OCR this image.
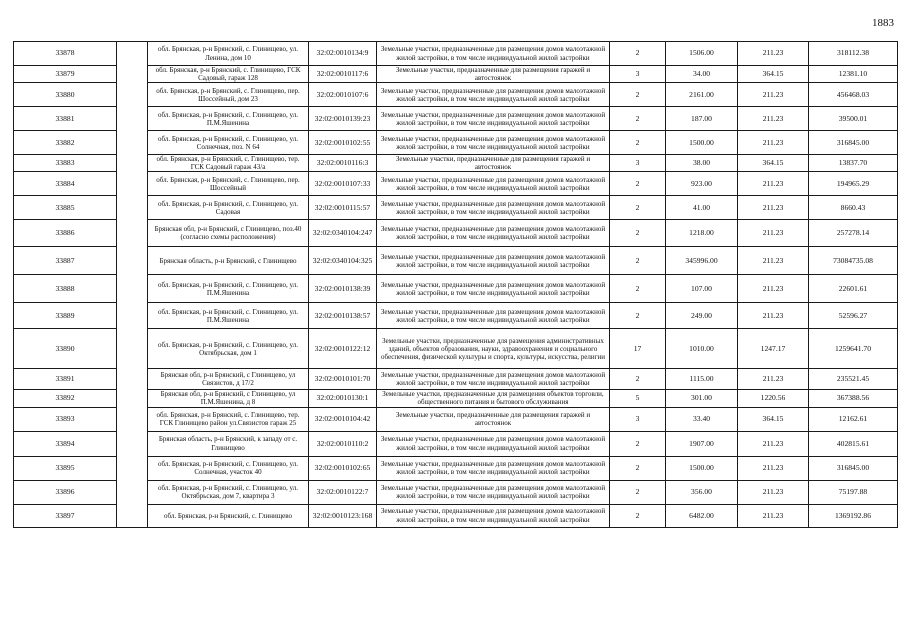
1883
33878		обл. Брянская, р-н Брянский, с. Глинищево, ул. Ленина, дом 10	32:02:0010134:9	Земельные участки, предназначенные для размещения домов малоэтажной жилой застройки, в том числе индивидуальной жилой застройки	2	1506.00	211.23	318112.38
33879		обл. Брянская, р-н Брянский, с. Глинищево, ГСК Садовый, гараж 128	32:02:0010117:6	Земельные участки, предназначенные для размещения гаражей и автостоянок	3	34.00	364.15	12381.10
33880		обл. Брянская, р-н Брянский, с. Глинищево, пер. Шоссейный, дом 23	32:02:0010107:6	Земельные участки, предназначенные для размещения домов малоэтажной жилой застройки, в том числе индивидуальной жилой застройки	2	2161.00	211.23	456468.03
33881		обл. Брянская, р-н Брянский, с. Глинищево, ул. П.М.Яшенина	32:02:0010139:23	Земельные участки, предназначенные для размещения домов малоэтажной жилой застройки, в том числе индивидуальной жилой застройки	2	187.00	211.23	39500.01
33882		обл. Брянская, р-н Брянский, с. Глинищево, ул. Солнечная, поз. N 64	32:02:0010102:55	Земельные участки, предназначенные для размещения домов малоэтажной жилой застройки, в том числе индивидуальной жилой застройки	2	1500.00	211.23	316845.00
33883		обл. Брянская, р-н Брянский, с. Глинищево, тер. ГСК Садовый гараж 43/а	32:02:0010116:3	Земельные участки, предназначенные для размещения гаражей и автостоянок	3	38.00	364.15	13837.70
33884		обл. Брянская, р-н Брянский, с. Глинищево, пер. Шоссейный	32:02:0010107:33	Земельные участки, предназначенные для размещения домов малоэтажной жилой застройки, в том числе индивидуальной жилой застройки	2	923.00	211.23	194965.29
33885		обл. Брянская, р-н Брянский, с. Глинищево, ул. Садовая	32:02:0010115:57	Земельные участки, предназначенные для размещения домов малоэтажной жилой застройки, в том числе индивидуальной жилой застройки	2	41.00	211.23	8660.43
33886		Брянская обл, р-н Брянский, с Глинищево, поз.40 (согласно схемы расположения)	32:02:0340104:247	Земельные участки, предназначенные для размещения домов малоэтажной жилой застройки, в том числе индивидуальной жилой застройки	2	1218.00	211.23	257278.14
33887		Брянская область, р-н Брянский, с Глинищево	32:02:0340104:325	Земельные участки, предназначенные для размещения домов малоэтажной жилой застройки, в том числе индивидуальной жилой застройки	2	345996.00	211.23	73084735.08
33888		обл. Брянская, р-н Брянский, с. Глинищево, ул. П.М.Яшенина	32:02:0010138:39	Земельные участки, предназначенные для размещения домов малоэтажной жилой застройки, в том числе индивидуальной жилой застройки	2	107.00	211.23	22601.61
33889		обл. Брянская, р-н Брянский, с. Глинищево, ул. П.М.Яшенина	32:02:0010138:57	Земельные участки, предназначенные для размещения домов малоэтажной жилой застройки, в том числе индивидуальной жилой застройки	2	249.00	211.23	52596.27
33890		обл. Брянская, р-н Брянский, с. Глинищево, ул. Октябрьская, дом 1	32:02:0010122:12	Земельные участки, предназначенные для размещения административных зданий, объектов образования, науки, здравоохранения и социального обеспечения, физической культуры и спорта, культуры, искусства, религии	17	1010.00	1247.17	1259641.70
33891		Брянская обл, р-н Брянский, с Глинищево, ул Связистов, д 17/2	32:02:0010101:70	Земельные участки, предназначенные для размещения домов малоэтажной жилой застройки, в том числе индивидуальной жилой застройки	2	1115.00	211.23	235521.45
33892		Брянская обл, р-н Брянский, с Глинищево, ул П.М.Яшенина, д 8	32:02:0010130:1	Земельные участки, предназначенные для размещения объектов торговли, общественного питания и бытового обслуживания	5	301.00	1220.56	367388.56
33893		обл. Брянская, р-н Брянский, с. Глинищево, тер. ГСК Глинищево район ул.Связистов гараж 25	32:02:0010104:42	Земельные участки, предназначенные для размещения гаражей и автостоянок	3	33.40	364.15	12162.61
33894		Брянская область, р-н Брянский, к западу от с. Глинищево	32:02:0010110:2	Земельные участки, предназначенные для размещения домов малоэтажной жилой застройки, в том числе индивидуальной жилой застройки	2	1907.00	211.23	402815.61
33895		обл. Брянская, р-н Брянский, с. Глинищево, ул. Солнечная, участок 40	32:02:0010102:65	Земельные участки, предназначенные для размещения домов малоэтажной жилой застройки, в том числе индивидуальной жилой застройки	2	1500.00	211.23	316845.00
33896		обл. Брянская, р-н Брянский, с. Глинищево, ул. Октябрьская, дом 7, квартира 3	32:02:0010122:7	Земельные участки, предназначенные для размещения домов малоэтажной жилой застройки, в том числе индивидуальной жилой застройки	2	356.00	211.23	75197.88
33897		обл. Брянская, р-н Брянский, с. Глинищево	32:02:0010123:168	Земельные участки, предназначенные для размещения домов малоэтажной жилой застройки, в том числе индивидуальной жилой застройки	2	6482.00	211.23	1369192.86
